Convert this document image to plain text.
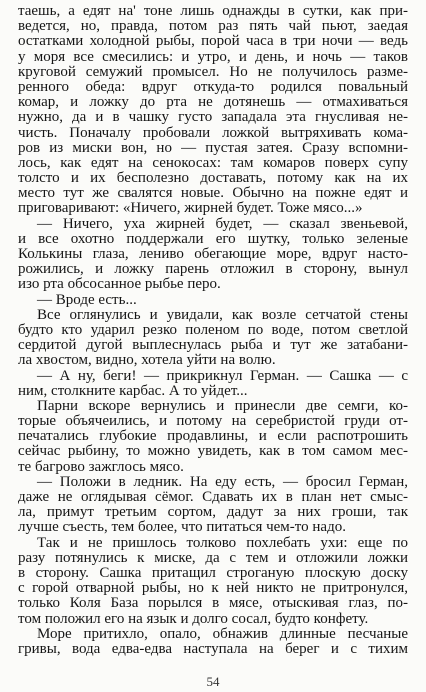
таешь, а едят на' тоне лишь однажды в сутки, как при-
ведется, но, правда, потом раз пять чай пьют, заедая
остатками холодной рыбы, порой часа в три ночи — ведь
у моря все смесились: и утро, и день, и ночь — таков
круговой семужий промысел. Но не получилось разме-
ренного обеда: вдруг откуда-то родился повальный
комар, и ложку до рта не дотянешь — отмахиваться
нужно, да и в чашку густо западала эта гнусливая не-
чисть. Поначалу пробовали ложкой вытряхивать кома-
ров из миски вон, но — пустая затея. Сразу вспомни-
лось, как едят на сенокосах: там комаров поверх супу
толсто и их бесполезно доставать, потому как на их
место тут же свалятся новые. Обычно на пожне едят и
приговаривают: «Ничего, жирней будет. Тоже мясо...»
— Ничего, уха жирней будет, — сказал звеньевой,
и все охотно поддержали его шутку, только зеленые
Колькины глаза, лениво обегающие море, вдруг насто-
рожились, и ложку парень отложил в сторону, вынул
изо рта обсосанное рыбье перо.
— Вроде есть...
Все оглянулись и увидали, как возле сетчатой стены
будто кто ударил резко поленом по воде, потом светлой
сердитой дугой выплеснулась рыба и тут же затабани-
ла хвостом, видно, хотела уйти на волю.
— А ну, беги! — прикрикнул Герман. — Сашка — с
ним, столкните карбас. А то уйдет...
Парни вскоре вернулись и принесли две семги, ко-
торые объячеились, и потому на серебристой груди от-
печатались глубокие продавлины, и если распотрошить
сейчас рыбину, то можно увидеть, как в том самом мес-
те багрово зажглось мясо.
— Положи в ледник. На еду есть, — бросил Герман,
даже не оглядывая сёмог. Сдавать их в план нет смыс-
ла, примут третьим сортом, дадут за них гроши, так
лучше съесть, тем более, что питаться чем-то надо.
Так и не пришлось толково похлебать ухи: еще по
разу потянулись к миске, да с тем и отложили ложки
в сторону. Сашка притащил строганую плоскую доску
с горой отварной рыбы, но к ней никто не притронулся,
только Коля База порылся в мясе, отыскивая глаз, по-
том положил его на язык и долго сосал, будто конфету.
Море притихло, опало, обнажив длинные песчаные
гривы, вода едва-едва наступала на берег и с тихим
54
